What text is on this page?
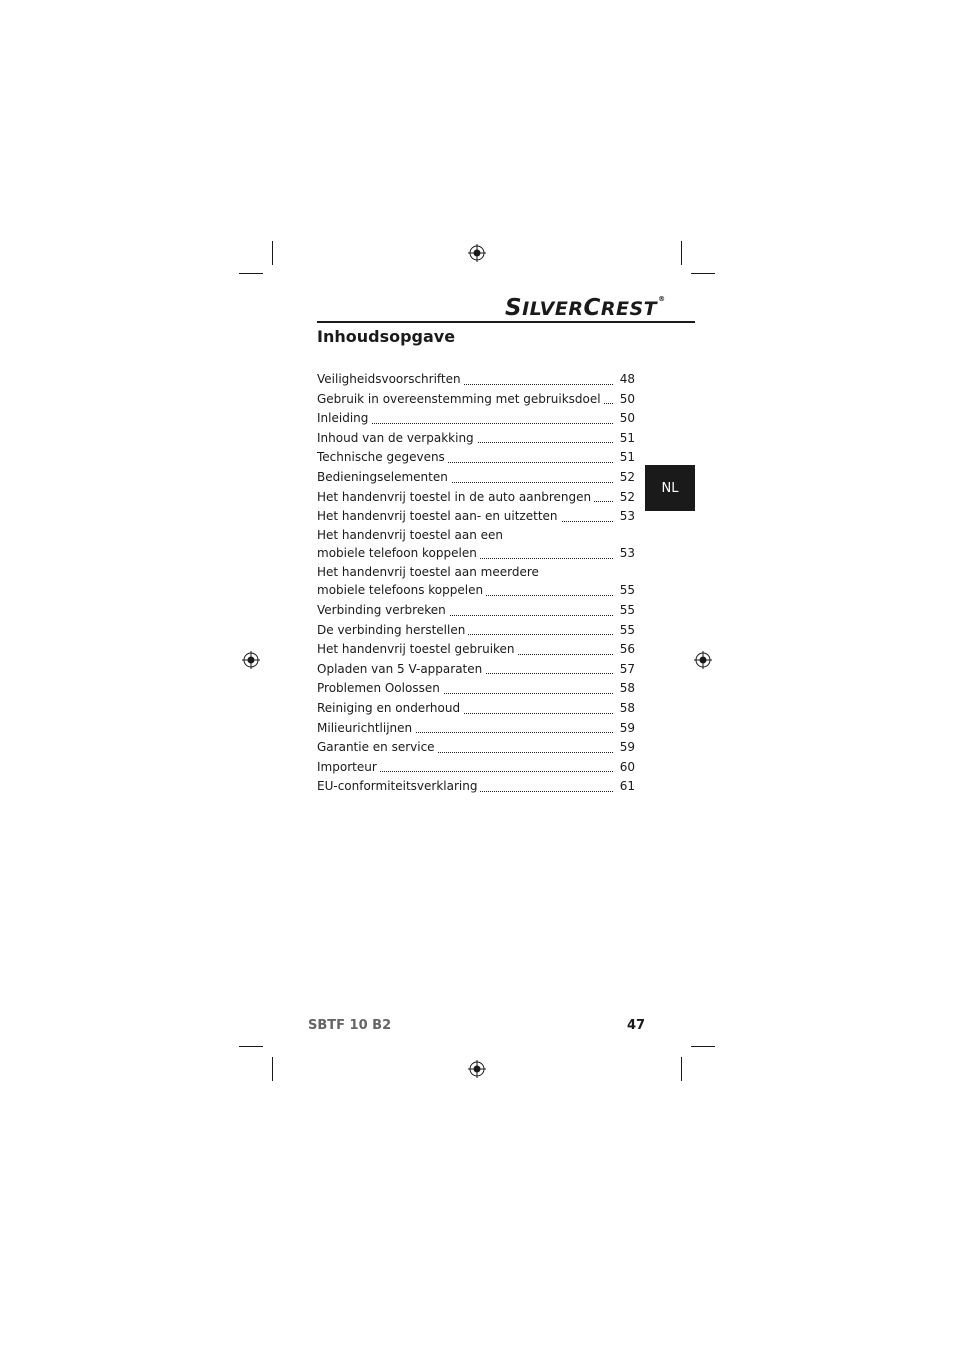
SILVERCREST®
Inhoudsopgave
Veiligheidsvoorschriften	48
Gebruik in overeenstemming met gebruiksdoel	50
Inleiding	50
Inhoud van de verpakking	51
Technische gegevens	51
Bedieningselementen	52
Het handenvrij toestel in de auto aanbrengen	52
Het handenvrij toestel aan- en uitzetten	53
Het handenvrij toestel aan een
mobiele telefoon koppelen	53
Het handenvrij toestel aan meerdere
mobiele telefoons koppelen	55
Verbinding verbreken	55
De verbinding herstellen	55
Het handenvrij toestel gebruiken	56
Opladen van 5 V-apparaten	57
Problemen Oolossen	58
Reiniging en onderhoud	58
Milieurichtlijnen	59
Garantie en service	59
Importeur	60
EU-conformiteitsverklaring	61
NL
SBTF 10 B2	47
